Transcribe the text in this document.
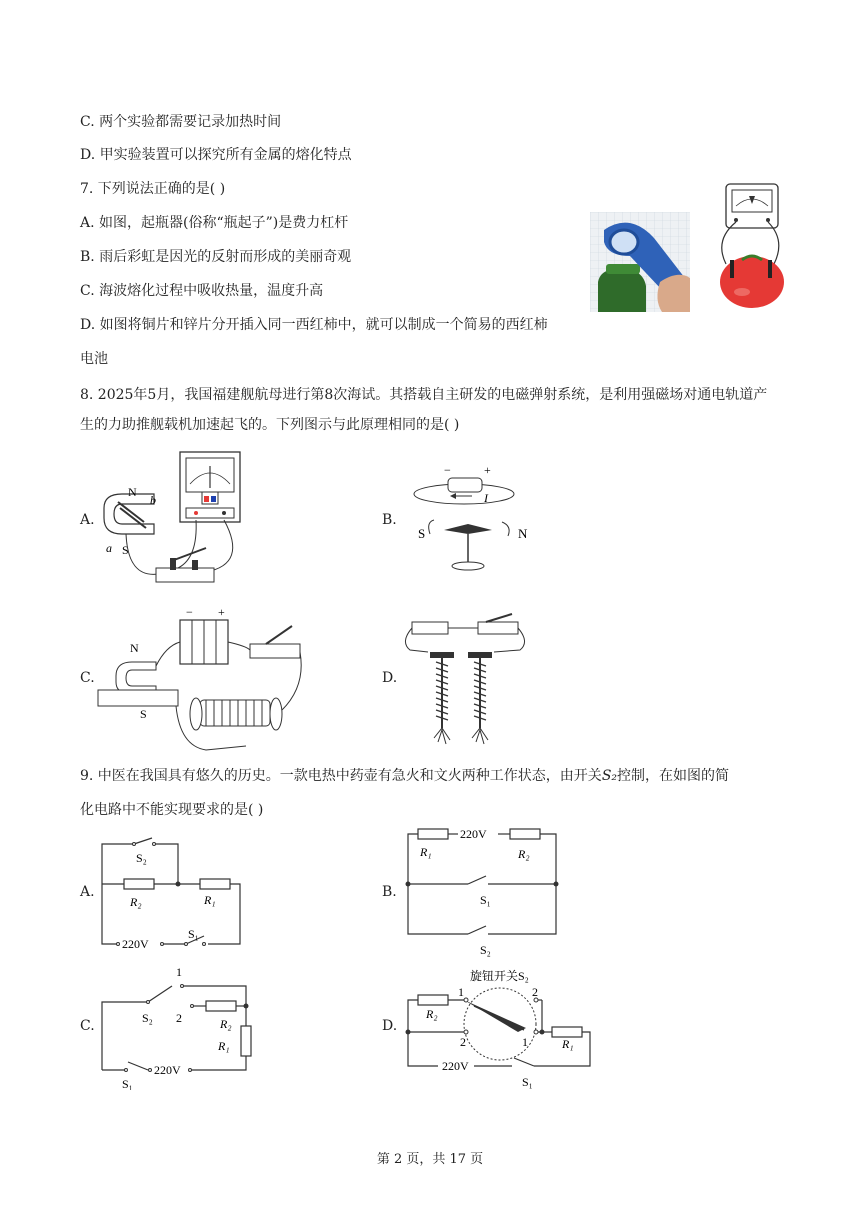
C. 两个实验都需要记录加热时间
D. 甲实验装置可以探究所有金属的熔化特点
7. 下列说法正确的是( )
A. 如图，起瓶器(俗称“瓶起子”)是费力杠杆
B. 雨后彩虹是因光的反射而形成的美丽奇观
C. 海波熔化过程中吸收热量，温度升高
D. 如图将铜片和锌片分开插入同一西红柿中，就可以制成一个简易的西红柿
电池
8. 2025年5月，我国福建舰航母进行第8次海试。其搭载自主研发的电磁弹射系统，是利用强磁场对通电轨道产生的力助推舰载机加速起飞的。下列图示与此原理相同的是( )
A.	B.
C.	D.
N
b
a S
−	+
I
S	N
− +
N
S
9. 中医在我国具有悠久的历史。一款电热中药壶有急火和文火两种工作状态，由开关S₂控制，在如图的简
化电路中不能实现要求的是( )
A.	B.
C.	D.
S₂
R₂	R₁
220V
S₁
220V
R₁	R₂
S₁
S₂
1
S₂ 2	R₂
R₁
220V
S₁
旋钮开关S₂
1	2
2	1
R₂
R₁
220V
S₁
第 2 页，共 17 页
